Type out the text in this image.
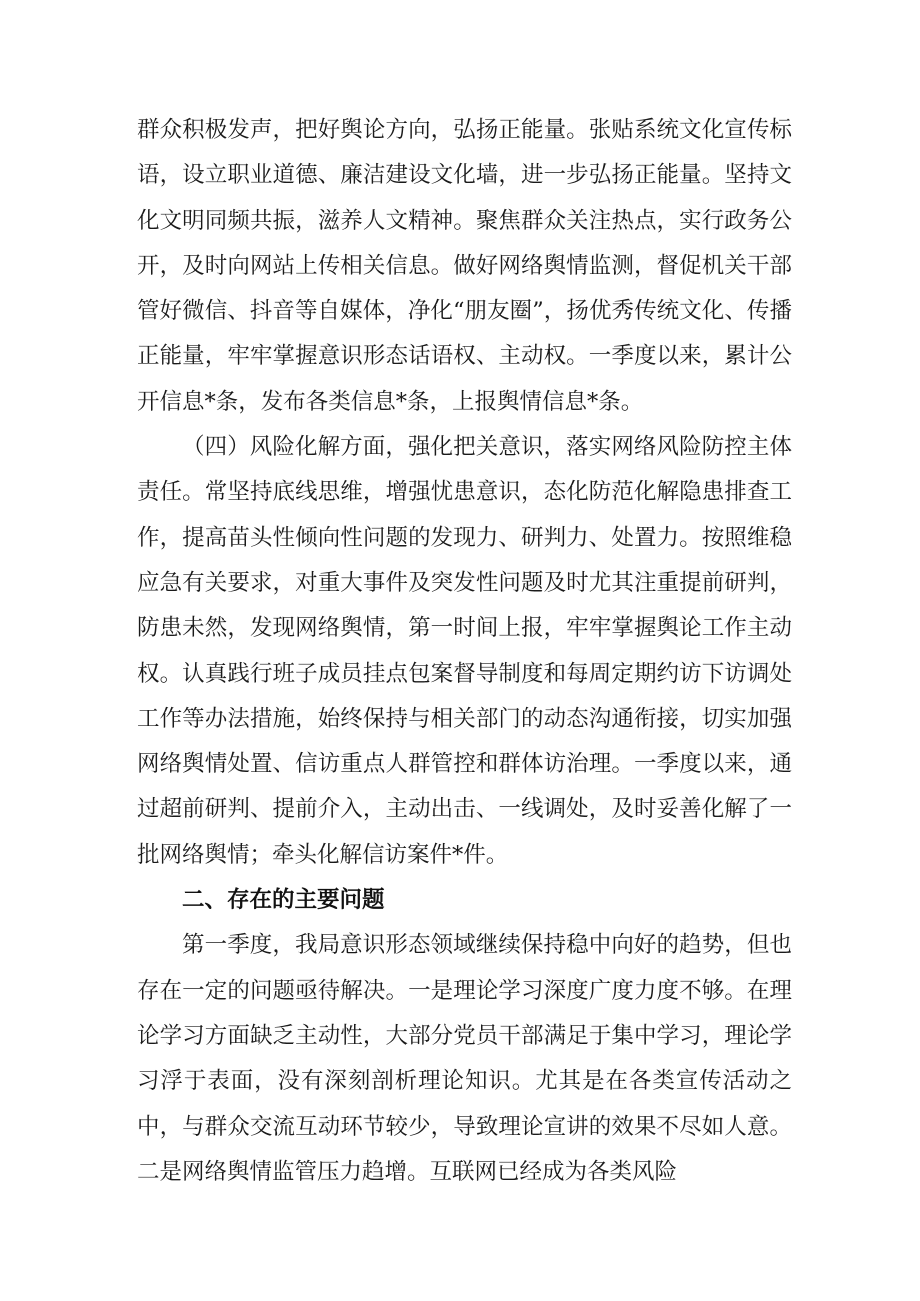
群众积极发声，把好舆论方向，弘扬正能量。张贴系统文化宣传标语，设立职业道德、廉洁建设文化墙，进一步弘扬正能量。坚持文化文明同频共振，滋养人文精神。聚焦群众关注热点，实行政务公开，及时向网站上传相关信息。做好网络舆情监测，督促机关干部管好微信、抖音等自媒体，净化“朋友圈”，扬优秀传统文化、传播正能量，牢牢掌握意识形态话语权、主动权。一季度以来，累计公开信息*条，发布各类信息*条，上报舆情信息*条。

（四）风险化解方面，强化把关意识，落实网络风险防控主体责任。常坚持底线思维，增强忧患意识，态化防范化解隐患排查工作，提高苗头性倾向性问题的发现力、研判力、处置力。按照维稳应急有关要求，对重大事件及突发性问题及时尤其注重提前研判，防患未然，发现网络舆情，第一时间上报，牢牢掌握舆论工作主动权。认真践行班子成员挂点包案督导制度和每周定期约访下访调处工作等办法措施，始终保持与相关部门的动态沟通衔接，切实加强网络舆情处置、信访重点人群管控和群体访治理。一季度以来，通过超前研判、提前介入，主动出击、一线调处，及时妥善化解了一批网络舆情；牵头化解信访案件*件。

二、存在的主要问题

第一季度，我局意识形态领域继续保持稳中向好的趋势，但也存在一定的问题亟待解决。一是理论学习深度广度力度不够。在理论学习方面缺乏主动性，大部分党员干部满足于集中学习，理论学习浮于表面，没有深刻剖析理论知识。尤其是在各类宣传活动之中，与群众交流互动环节较少，导致理论宣讲的效果不尽如人意。二是网络舆情监管压力趋增。互联网已经成为各类风险
